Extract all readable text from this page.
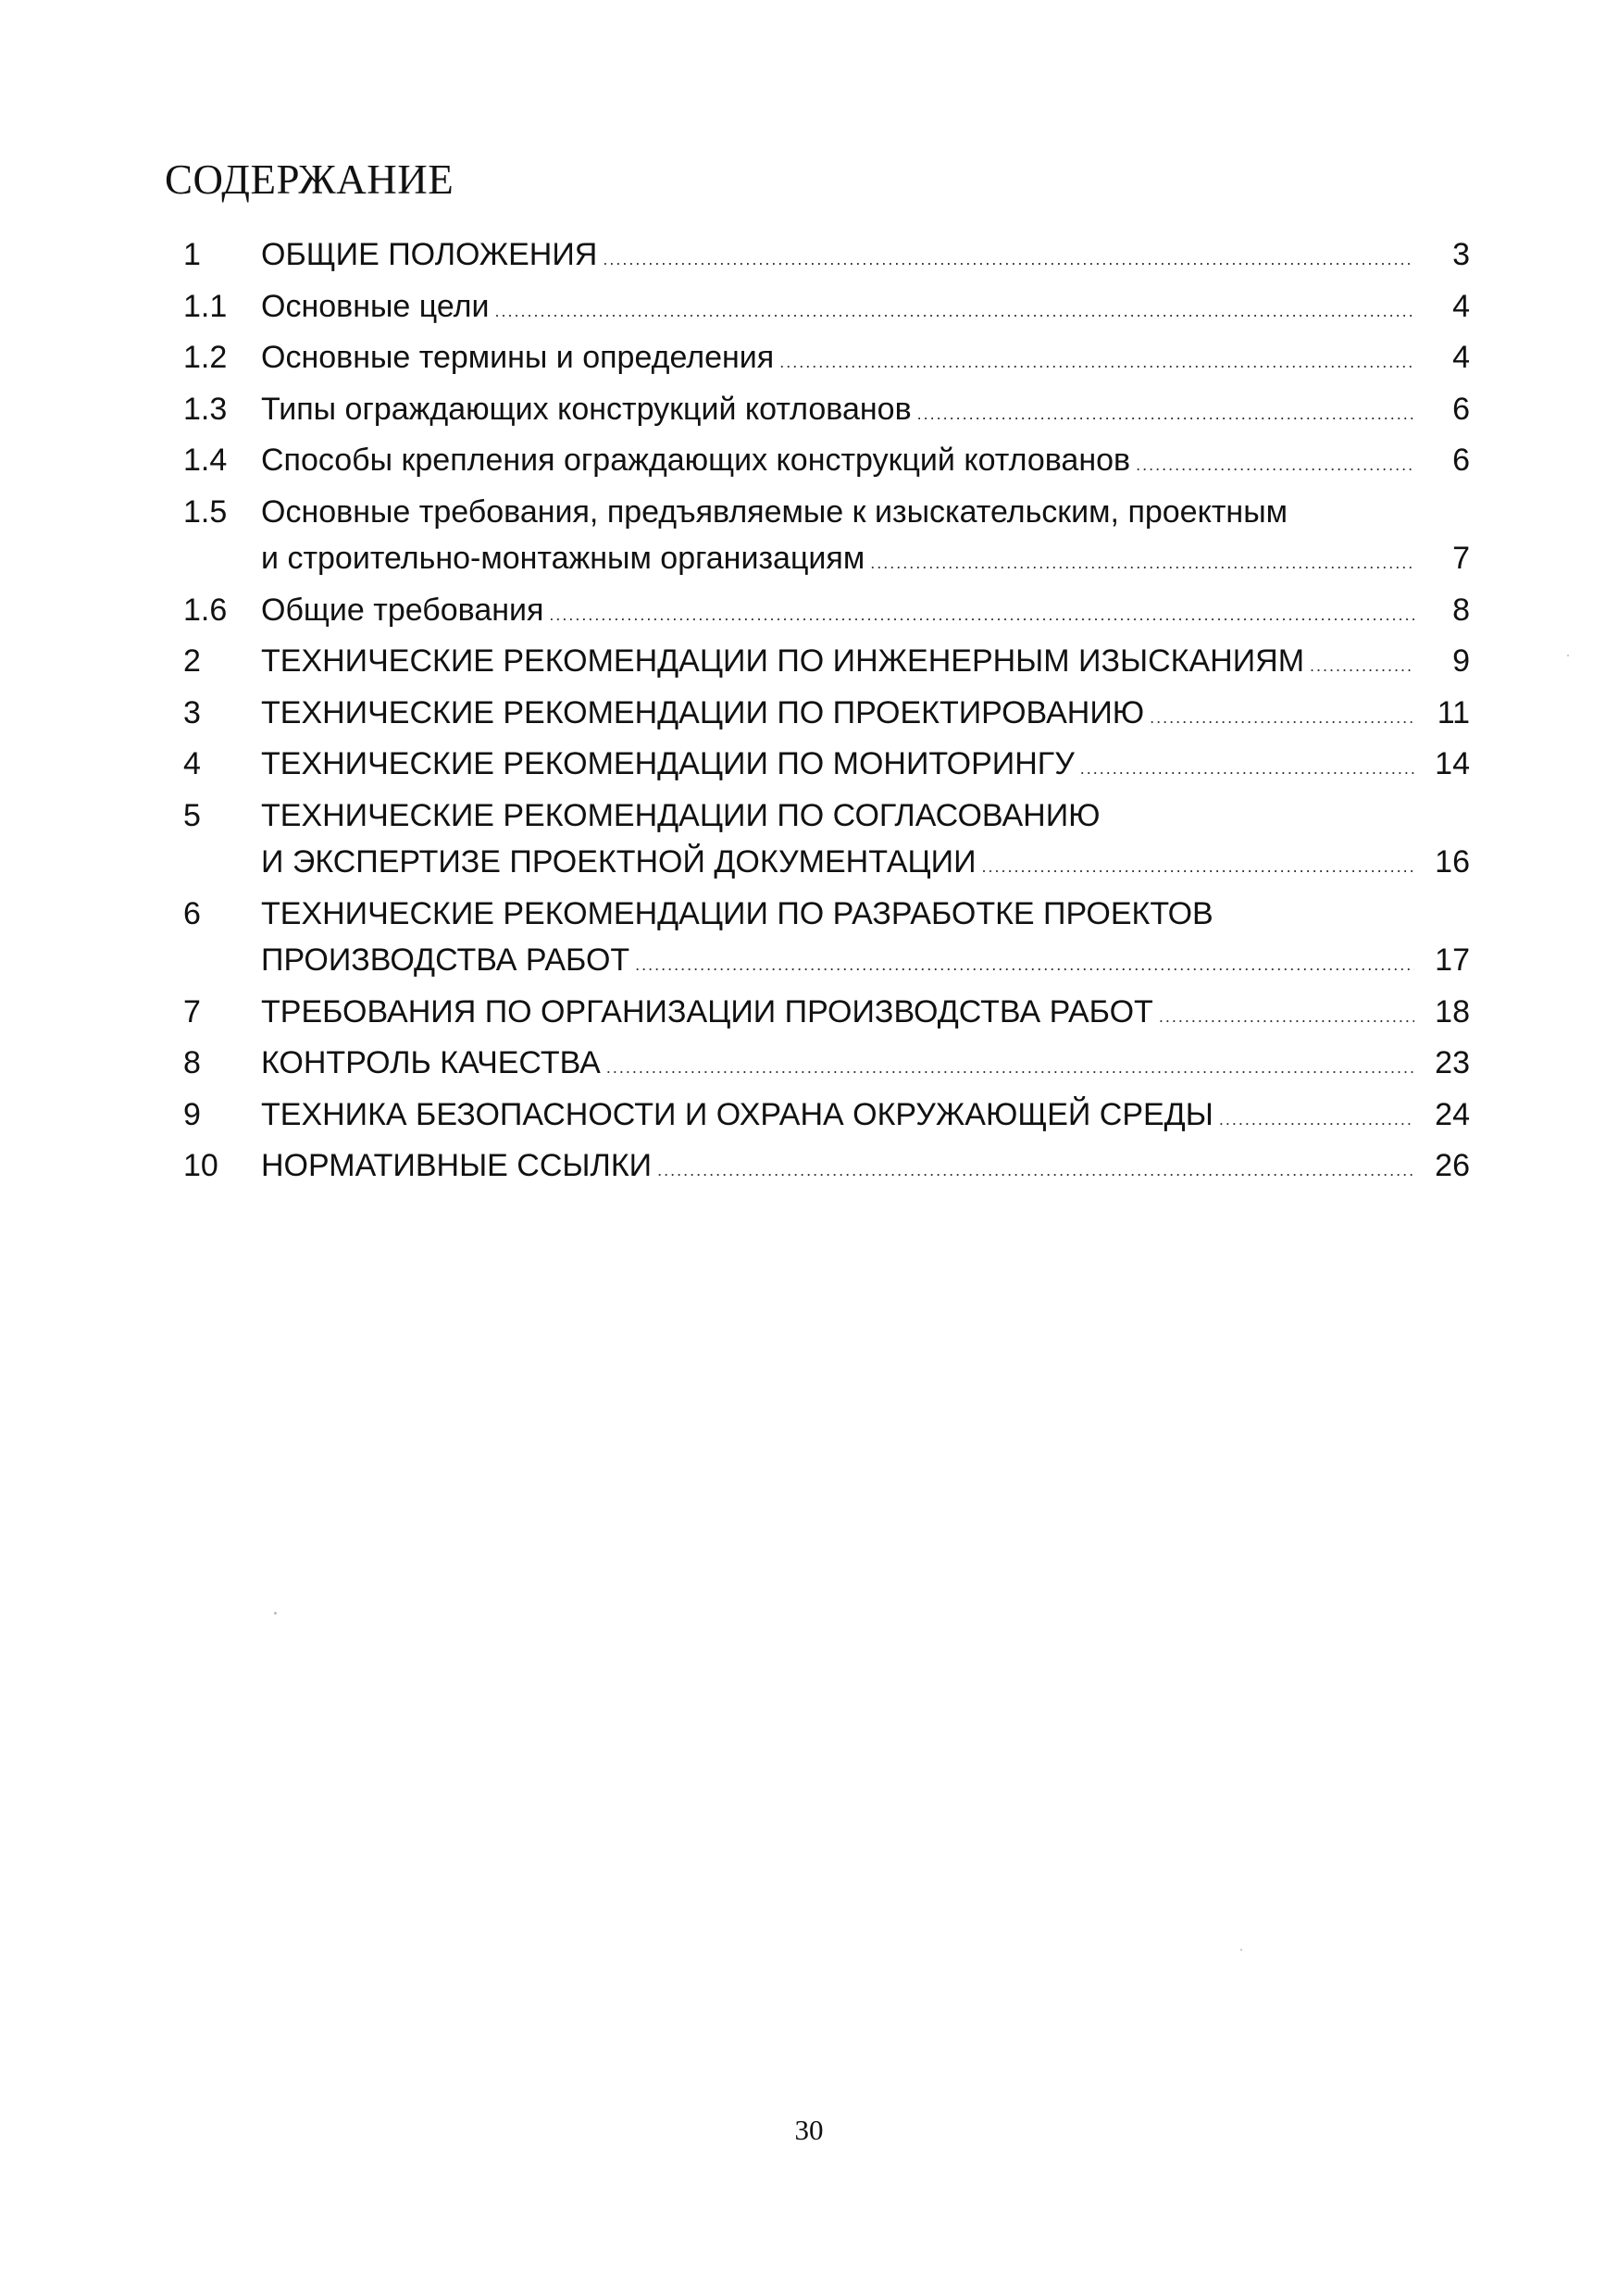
СОДЕРЖАНИЕ
1	ОБЩИЕ ПОЛОЖЕНИЯ .....	3
1.1	Основные цели .....	4
1.2	Основные термины и определения .....	4
1.3	Типы ограждающих конструкций котлованов .....	6
1.4	Способы крепления ограждающих конструкций котлованов .....	6
1.5	Основные требования, предъявляемые к изыскательским, проектным
и строительно-монтажным организациям .....	7
1.6	Общие требования .....	8
2	ТЕХНИЧЕСКИЕ РЕКОМЕНДАЦИИ ПО ИНЖЕНЕРНЫМ ИЗЫСКАНИЯМ .....	9
3	ТЕХНИЧЕСКИЕ РЕКОМЕНДАЦИИ ПО ПРОЕКТИРОВАНИЮ .....	11
4	ТЕХНИЧЕСКИЕ РЕКОМЕНДАЦИИ ПО МОНИТОРИНГУ .....	14
5	ТЕХНИЧЕСКИЕ РЕКОМЕНДАЦИИ ПО СОГЛАСОВАНИЮ
И ЭКСПЕРТИЗЕ ПРОЕКТНОЙ ДОКУМЕНТАЦИИ .....	16
6	ТЕХНИЧЕСКИЕ РЕКОМЕНДАЦИИ ПО РАЗРАБОТКЕ ПРОЕКТОВ
ПРОИЗВОДСТВА РАБОТ .....	17
7	ТРЕБОВАНИЯ ПО ОРГАНИЗАЦИИ ПРОИЗВОДСТВА РАБОТ .....	18
8	КОНТРОЛЬ КАЧЕСТВА .....	23
9	ТЕХНИКА БЕЗОПАСНОСТИ И ОХРАНА ОКРУЖАЮЩЕЙ СРЕДЫ .....	24
10	НОРМАТИВНЫЕ ССЫЛКИ .....	26
30
